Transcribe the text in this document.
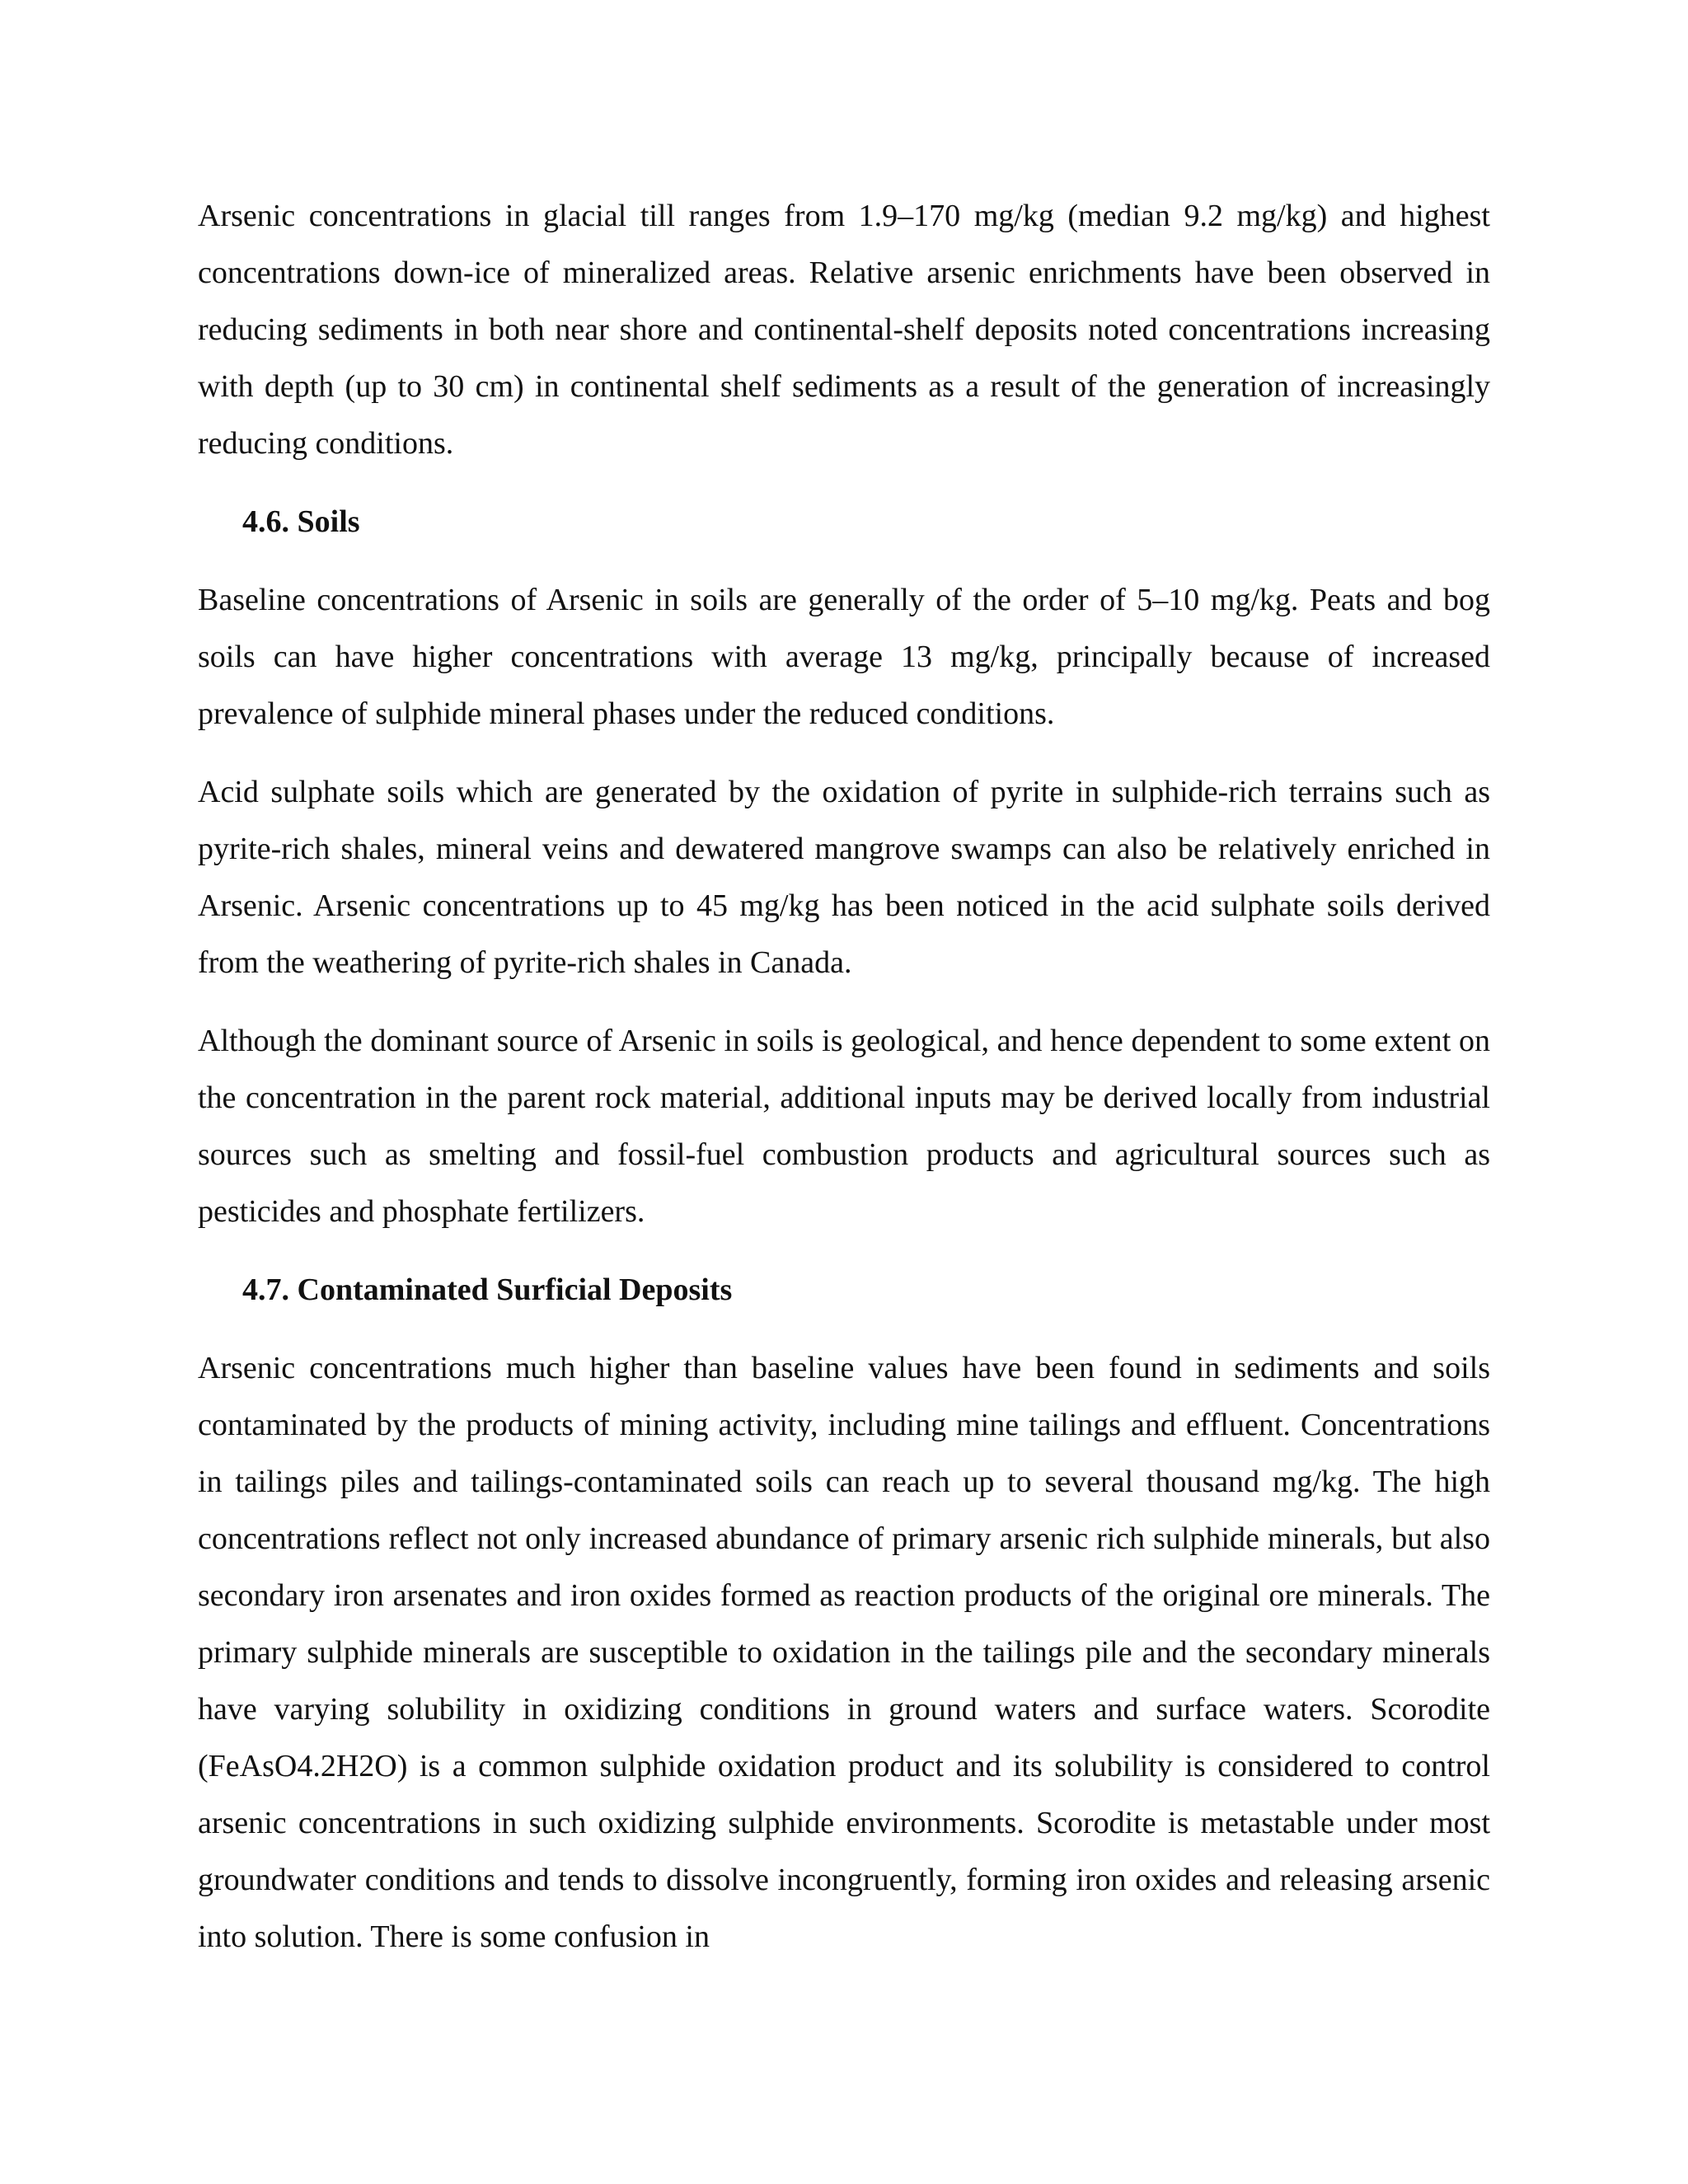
Arsenic concentrations in glacial till ranges from 1.9–170 mg/kg (median 9.2 mg/kg) and highest concentrations down-ice of mineralized areas. Relative arsenic enrichments have been observed in reducing sediments in both near shore and continental-shelf deposits noted concentrations increasing with depth (up to 30 cm) in continental shelf sediments as a result of the generation of increasingly reducing conditions.

4.6. Soils

Baseline concentrations of Arsenic in soils are generally of the order of 5–10 mg/kg. Peats and bog soils can have higher concentrations with average 13 mg/kg, principally because of increased prevalence of sulphide mineral phases under the reduced conditions.

Acid sulphate soils which are generated by the oxidation of pyrite in sulphide-rich terrains such as pyrite-rich shales, mineral veins and dewatered mangrove swamps can also be relatively enriched in Arsenic. Arsenic concentrations up to 45 mg/kg has been noticed in the acid sulphate soils derived from the weathering of pyrite-rich shales in Canada.

Although the dominant source of Arsenic in soils is geological, and hence dependent to some extent on the concentration in the parent rock material, additional inputs may be derived locally from industrial sources such as smelting and fossil-fuel combustion products and agricultural sources such as pesticides and phosphate fertilizers.

4.7. Contaminated Surficial Deposits

Arsenic concentrations much higher than baseline values have been found in sediments and soils contaminated by the products of mining activity, including mine tailings and effluent. Concentrations in tailings piles and tailings-contaminated soils can reach up to several thousand mg/kg. The high concentrations reflect not only increased abundance of primary arsenic rich sulphide minerals, but also secondary iron arsenates and iron oxides formed as reaction products of the original ore minerals. The primary sulphide minerals are susceptible to oxidation in the tailings pile and the secondary minerals have varying solubility in oxidizing conditions in ground waters and surface waters. Scorodite (FeAsO4.2H2O) is a common sulphide oxidation product and its solubility is considered to control arsenic concentrations in such oxidizing sulphide environments. Scorodite is metastable under most groundwater conditions and tends to dissolve incongruently, forming iron oxides and releasing arsenic into solution. There is some confusion in
